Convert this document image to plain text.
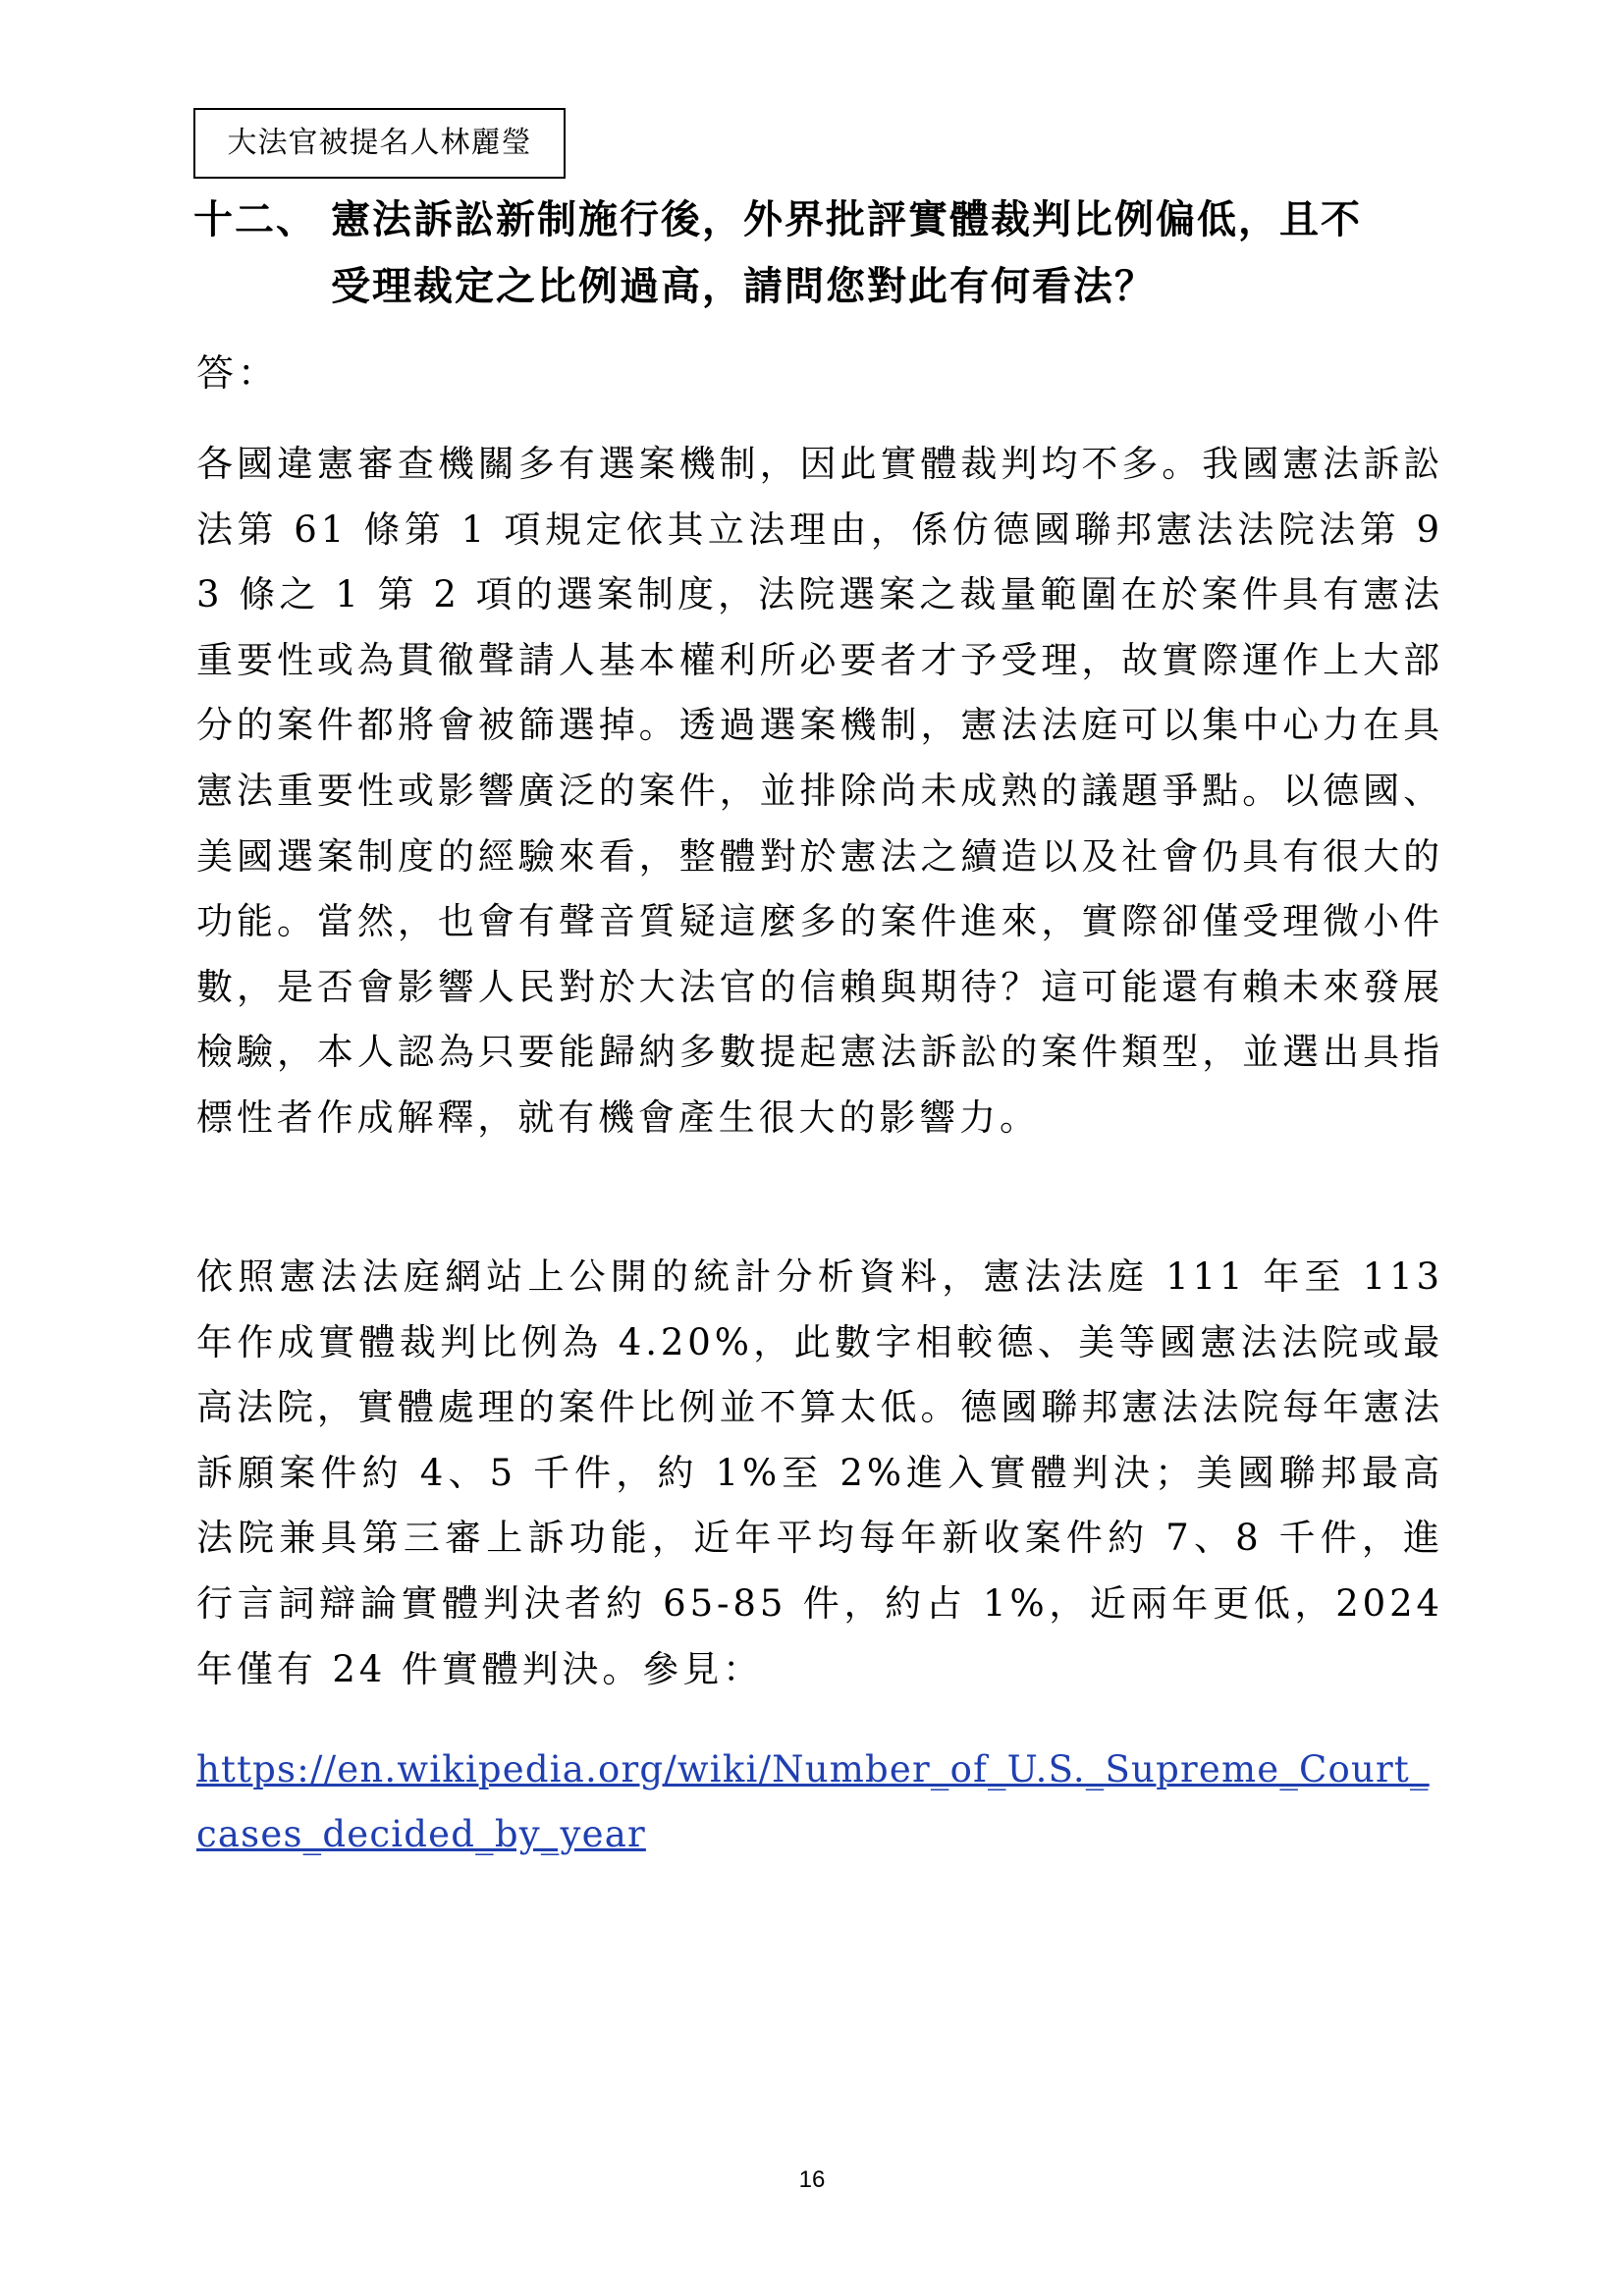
大法官被提名人林麗瑩
十二、 憲法訴訟新制施行後，外界批評實體裁判比例偏低，且不
受理裁定之比例過高，請問您對此有何看法？
答：
各國違憲審查機關多有選案機制，因此實體裁判均不多。我國憲法訴訟法第 61 條第 1 項規定依其立法理由，係仿德國聯邦憲法法院法第 93 條之 1 第 2 項的選案制度，法院選案之裁量範圍在於案件具有憲法重要性或為貫徹聲請人基本權利所必要者才予受理，故實際運作上大部分的案件都將會被篩選掉。透過選案機制，憲法法庭可以集中心力在具憲法重要性或影響廣泛的案件，並排除尚未成熟的議題爭點。以德國、美國選案制度的經驗來看，整體對於憲法之續造以及社會仍具有很大的功能。當然，也會有聲音質疑這麼多的案件進來，實際卻僅受理微小件數，是否會影響人民對於大法官的信賴與期待？這可能還有賴未來發展檢驗，本人認為只要能歸納多數提起憲法訴訟的案件類型，並選出具指標性者作成解釋，就有機會產生很大的影響力。
依照憲法法庭網站上公開的統計分析資料，憲法法庭 111 年至 113 年作成實體裁判比例為 4.20%，此數字相較德、美等國憲法法院或最高法院，實體處理的案件比例並不算太低。德國聯邦憲法法院每年憲法訴願案件約 4、5 千件，約 1%至 2%進入實體判決；美國聯邦最高法院兼具第三審上訴功能，近年平均每年新收案件約 7、8 千件，進行言詞辯論實體判決者約 65-85 件，約占 1%，近兩年更低，2024 年僅有 24 件實體判決。參見：
https://en.wikipedia.org/wiki/Number_of_U.S._Supreme_Court_cases_decided_by_year
16
